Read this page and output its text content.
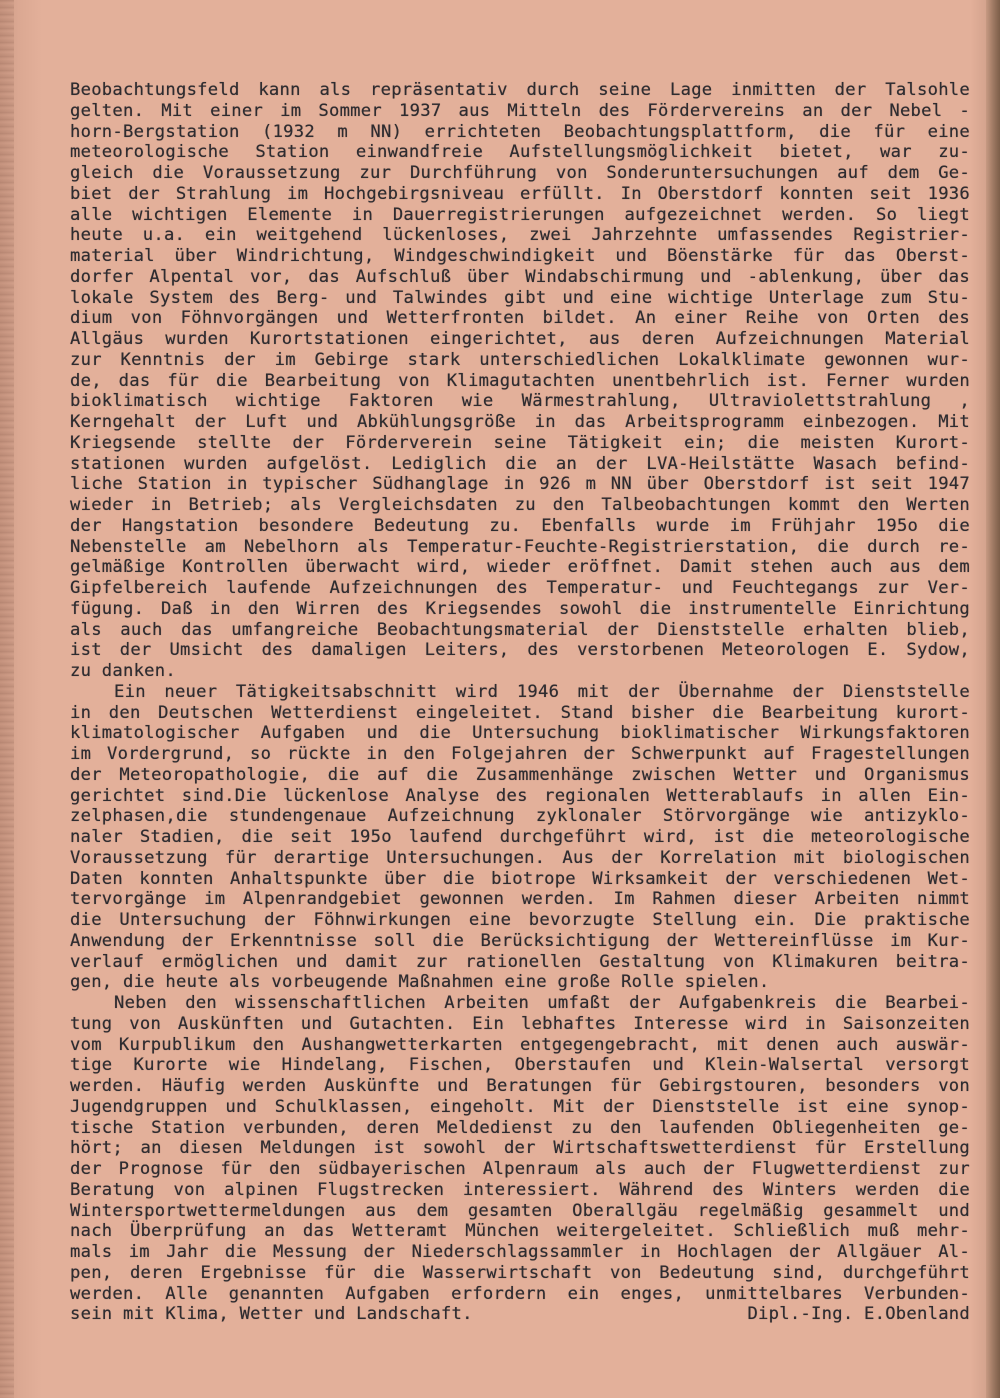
Beobachtungsfeld kann als repräsentativ durch seine Lage inmitten der Talsohle
gelten. Mit einer im Sommer 1937 aus Mitteln des Fördervereins an der Nebel -
horn-Bergstation (1932 m NN) errichteten Beobachtungsplattform, die für eine
meteorologische Station einwandfreie Aufstellungsmöglichkeit bietet, war zu-
gleich die Voraussetzung zur Durchführung von Sonderuntersuchungen auf dem Ge-
biet der Strahlung im Hochgebirgsniveau erfüllt. In Oberstdorf konnten seit 1936
alle wichtigen Elemente in Dauerregistrierungen aufgezeichnet werden. So liegt
heute u.a. ein weitgehend lückenloses, zwei Jahrzehnte umfassendes Registrier-
material über Windrichtung, Windgeschwindigkeit und Böenstärke für das Oberst-
dorfer Alpental vor, das Aufschluß über Windabschirmung und -ablenkung, über das
lokale System des Berg- und Talwindes gibt und eine wichtige Unterlage zum Stu-
dium von Föhnvorgängen und Wetterfronten bildet. An einer Reihe von Orten des
Allgäus wurden Kurortstationen eingerichtet, aus deren Aufzeichnungen Material
zur Kenntnis der im Gebirge stark unterschiedlichen Lokalklimate gewonnen wur-
de, das für die Bearbeitung von Klimagutachten unentbehrlich ist. Ferner wurden
bioklimatisch wichtige Faktoren wie Wärmestrahlung, Ultraviolettstrahlung ,
Kerngehalt der Luft und Abkühlungsgröße in das Arbeitsprogramm einbezogen. Mit
Kriegsende stellte der Förderverein seine Tätigkeit ein; die meisten Kurort-
stationen wurden aufgelöst. Lediglich die an der LVA-Heilstätte Wasach befind-
liche Station in typischer Südhanglage in 926 m NN über Oberstdorf ist seit 1947
wieder in Betrieb; als Vergleichsdaten zu den Talbeobachtungen kommt den Werten
der Hangstation besondere Bedeutung zu. Ebenfalls wurde im Frühjahr 195o die
Nebenstelle am Nebelhorn als Temperatur-Feuchte-Registrierstation, die durch re-
gelmäßige Kontrollen überwacht wird, wieder eröffnet. Damit stehen auch aus dem
Gipfelbereich laufende Aufzeichnungen des Temperatur- und Feuchtegangs zur Ver-
fügung. Daß in den Wirren des Kriegsendes sowohl die instrumentelle Einrichtung
als auch das umfangreiche Beobachtungsmaterial der Dienststelle erhalten blieb,
ist der Umsicht des damaligen Leiters, des verstorbenen Meteorologen E. Sydow,
zu danken.
Ein neuer Tätigkeitsabschnitt wird 1946 mit der Übernahme der Dienststelle
in den Deutschen Wetterdienst eingeleitet. Stand bisher die Bearbeitung kurort-
klimatologischer Aufgaben und die Untersuchung bioklimatischer Wirkungsfaktoren
im Vordergrund, so rückte in den Folgejahren der Schwerpunkt auf Fragestellungen
der Meteoropathologie, die auf die Zusammenhänge zwischen Wetter und Organismus
gerichtet sind.Die lückenlose Analyse des regionalen Wetterablaufs in allen Ein-
zelphasen,die stundengenaue Aufzeichnung zyklonaler Störvorgänge wie antizyklo-
naler Stadien, die seit 195o laufend durchgeführt wird, ist die meteorologische
Voraussetzung für derartige Untersuchungen. Aus der Korrelation mit biologischen
Daten konnten Anhaltspunkte über die biotrope Wirksamkeit der verschiedenen Wet-
tervorgänge im Alpenrandgebiet gewonnen werden. Im Rahmen dieser Arbeiten nimmt
die Untersuchung der Föhnwirkungen eine bevorzugte Stellung ein. Die praktische
Anwendung der Erkenntnisse soll die Berücksichtigung der Wettereinflüsse im Kur-
verlauf ermöglichen und damit zur rationellen Gestaltung von Klimakuren beitra-
gen, die heute als vorbeugende Maßnahmen eine große Rolle spielen.
Neben den wissenschaftlichen Arbeiten umfaßt der Aufgabenkreis die Bearbei-
tung von Auskünften und Gutachten. Ein lebhaftes Interesse wird in Saisonzeiten
vom Kurpublikum den Aushangwetterkarten entgegengebracht, mit denen auch auswär-
tige Kurorte wie Hindelang, Fischen, Oberstaufen und Klein-Walsertal versorgt
werden. Häufig werden Auskünfte und Beratungen für Gebirgstouren, besonders von
Jugendgruppen und Schulklassen, eingeholt. Mit der Dienststelle ist eine synop-
tische Station verbunden, deren Meldedienst zu den laufenden Obliegenheiten ge-
hört; an diesen Meldungen ist sowohl der Wirtschaftswetterdienst für Erstellung
der Prognose für den südbayerischen Alpenraum als auch der Flugwetterdienst zur
Beratung von alpinen Flugstrecken interessiert. Während des Winters werden die
Wintersportwettermeldungen aus dem gesamten Oberallgäu regelmäßig gesammelt und
nach Überprüfung an das Wetteramt München weitergeleitet. Schließlich muß mehr-
mals im Jahr die Messung der Niederschlagssammler in Hochlagen der Allgäuer Al-
pen, deren Ergebnisse für die Wasserwirtschaft von Bedeutung sind, durchgeführt
werden. Alle genannten Aufgaben erfordern ein enges, unmittelbares Verbunden-
sein mit Klima, Wetter und Landschaft.	Dipl.-Ing. E.Obenland
